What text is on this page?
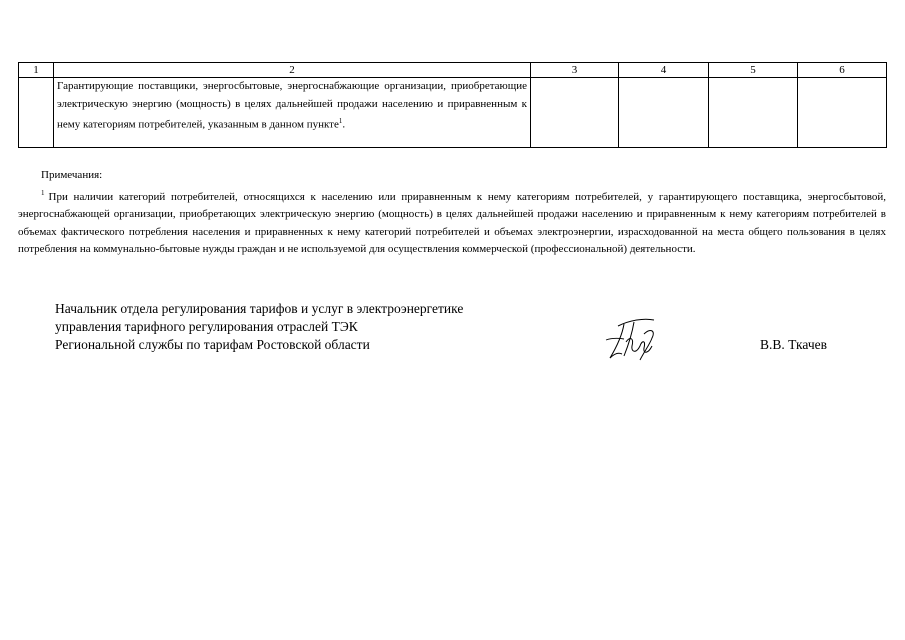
1	2	3	4	5	6
	Гарантирующие поставщики, энергосбытовые, энергоснабжающие организации, приобретающие электрическую энергию (мощность) в целях дальнейшей продажи населению и приравненным к нему категориям потребителей, указанным в данном пункте$^1$.				
Примечания:
$^1$ При наличии категорий потребителей, относящихся к населению или приравненным к нему категориям потребителей, у гарантирующего поставщика, энергосбытовой, энергоснабжающей организации, приобретающих электрическую энергию (мощность) в целях дальнейшей продажи населению и приравненным к нему категориям потребителей в объемах фактического потребления населения и приравненных к нему категорий потребителей и объемах электроэнергии, израсходованной на места общего пользования в целях потребления на коммунально-бытовые нужды граждан и не используемой для осуществления коммерческой (профессиональной) деятельности.
Начальник отдела регулирования тарифов и услуг в электроэнергетике
управления тарифного регулирования отраслей ТЭК
Региональной службы по тарифам Ростовской области	В.В. Ткачев
